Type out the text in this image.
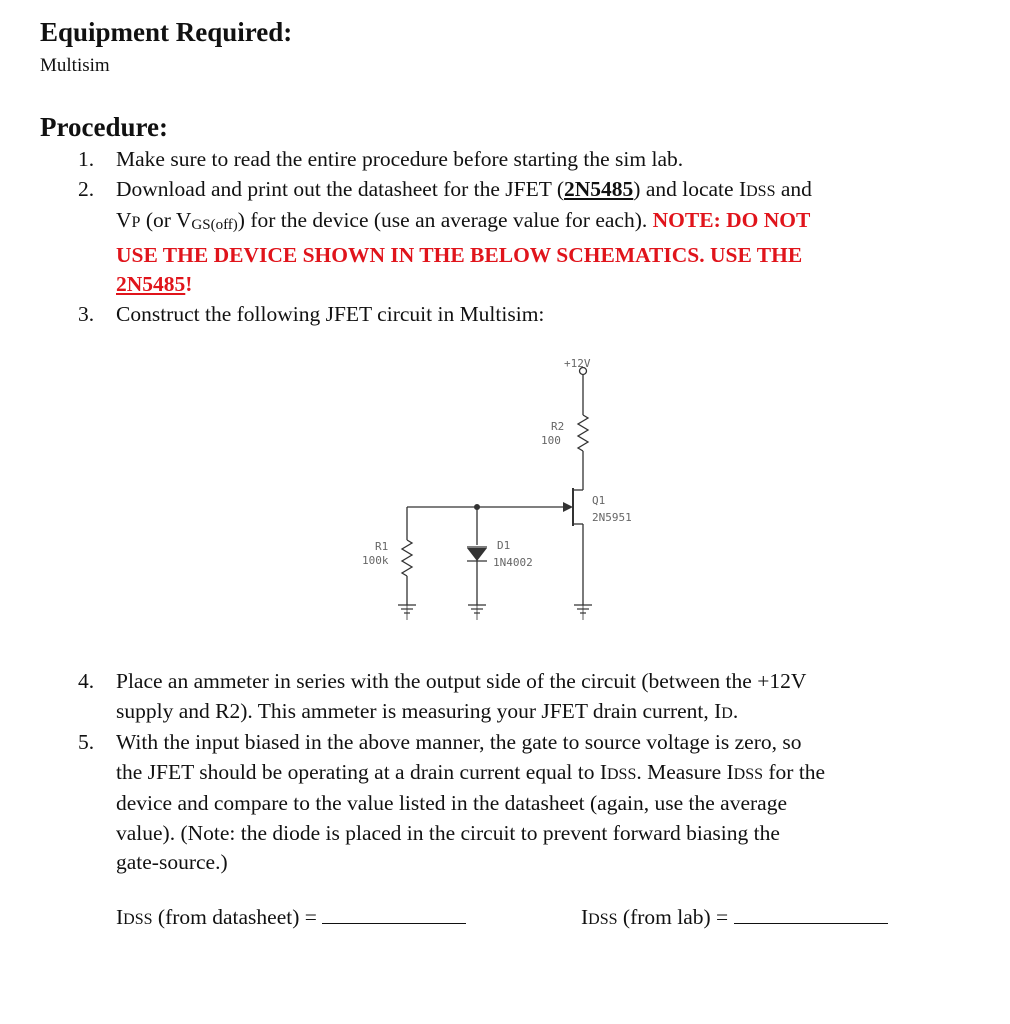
Equipment Required:
Multisim
Procedure:
1.	Make sure to read the entire procedure before starting the sim lab.
2.	Download and print out the datasheet for the JFET (2N5485) and locate IDSS and
VP (or VGS(off)) for the device (use an average value for each). NOTE: DO NOT
USE THE DEVICE SHOWN IN THE BELOW SCHEMATICS. USE THE
2N5485!
3.	Construct the following JFET circuit in Multisim:
+12V
R2
100
Q1
2N5951
R1
100k
D1
1N4002
4.	Place an ammeter in series with the output side of the circuit (between the +12V
supply and R2). This ammeter is measuring your JFET drain current, ID.
5.	With the input biased in the above manner, the gate to source voltage is zero, so
the JFET should be operating at a drain current equal to IDSS. Measure IDSS for the
device and compare to the value listed in the datasheet (again, use the average
value). (Note: the diode is placed in the circuit to prevent forward biasing the
gate-source.)
IDSS (from datasheet) =	IDSS (from lab) =
